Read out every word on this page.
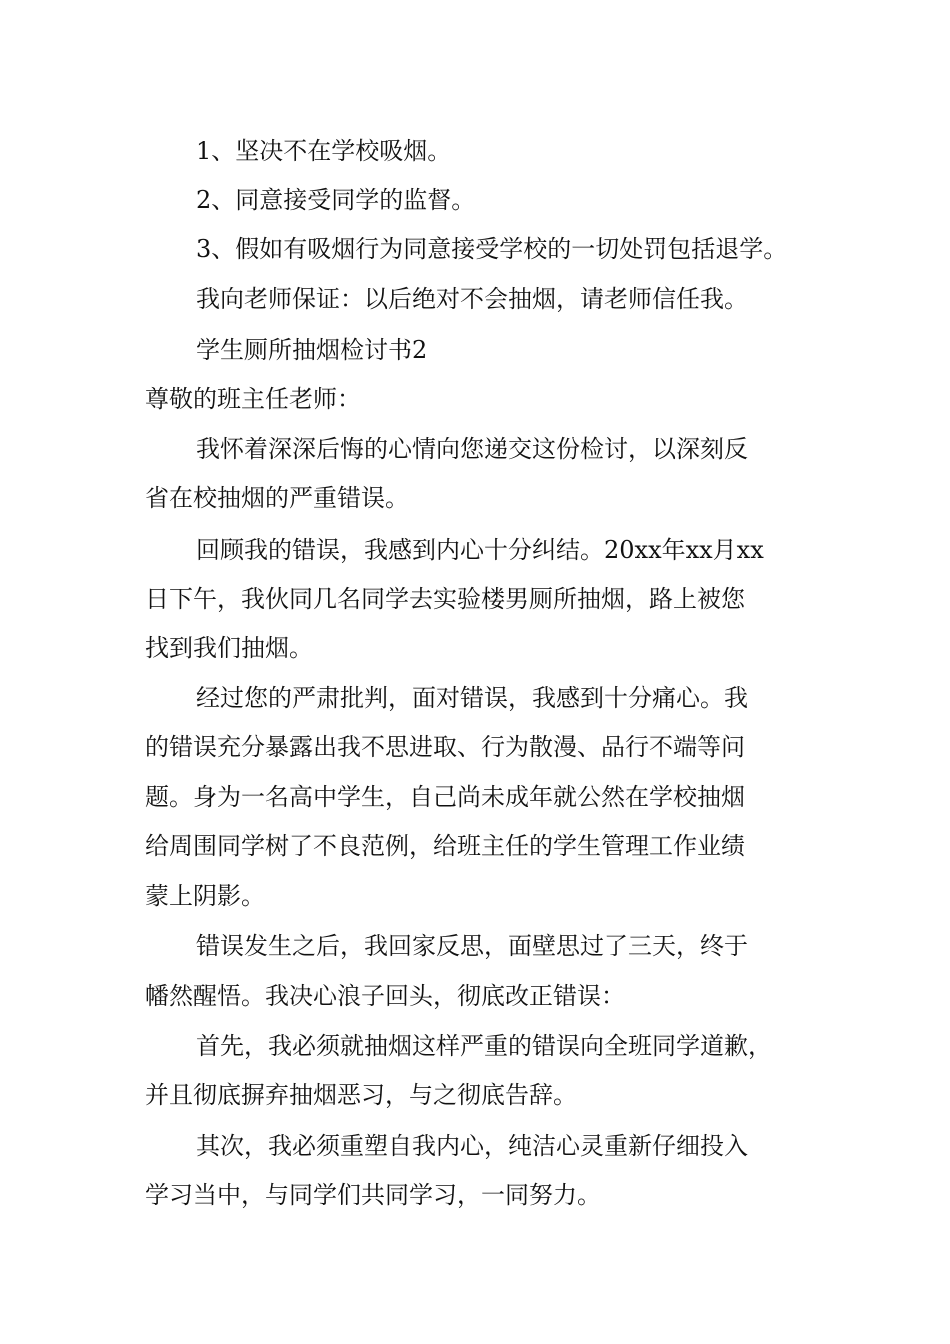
1、坚决不在学校吸烟。
2、同意接受同学的监督。
3、假如有吸烟行为同意接受学校的一切处罚包括退学。
我向老师保证：以后绝对不会抽烟，请老师信任我。
学生厕所抽烟检讨书2
尊敬的班主任老师：
我怀着深深后悔的心情向您递交这份检讨，以深刻反
省在校抽烟的严重错误。
回顾我的错误，我感到内心十分纠结。20xx年xx月xx
日下午，我伙同几名同学去实验楼男厕所抽烟，路上被您
找到我们抽烟。
经过您的严肃批判，面对错误，我感到十分痛心。我
的错误充分暴露出我不思进取、行为散漫、品行不端等问
题。身为一名高中学生，自己尚未成年就公然在学校抽烟
给周围同学树了不良范例，给班主任的学生管理工作业绩
蒙上阴影。
错误发生之后，我回家反思，面壁思过了三天，终于
幡然醒悟。我决心浪子回头，彻底改正错误：
首先，我必须就抽烟这样严重的错误向全班同学道歉，
并且彻底摒弃抽烟恶习，与之彻底告辞。
其次，我必须重塑自我内心，纯洁心灵重新仔细投入
学习当中，与同学们共同学习，一同努力。
